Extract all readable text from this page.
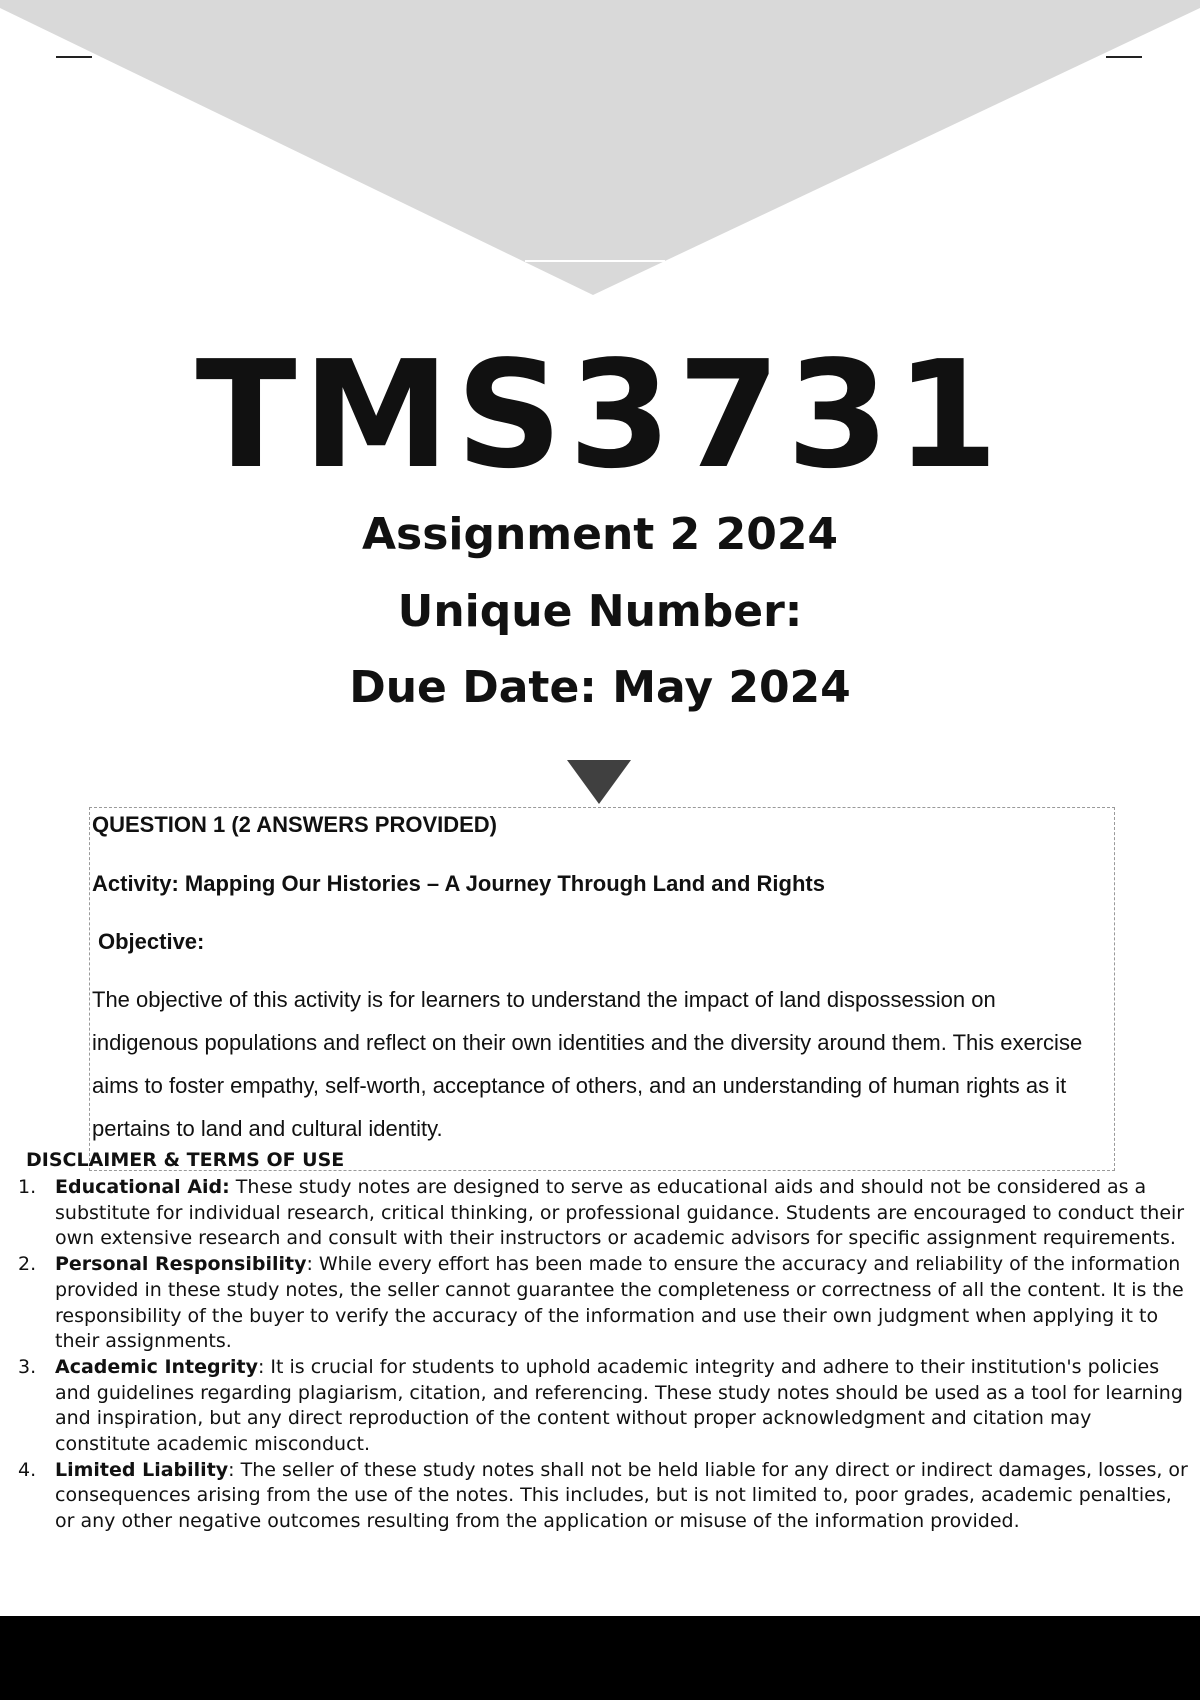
TMS3731
Assignment 2 2024
Unique Number:
Due Date: May 2024

QUESTION 1 (2 ANSWERS PROVIDED)

Activity: Mapping Our Histories – A Journey Through Land and Rights

Objective:

The objective of this activity is for learners to understand the impact of land dispossession on indigenous populations and reflect on their own identities and the diversity around them. This exercise aims to foster empathy, self-worth, acceptance of others, and an understanding of human rights as it pertains to land and cultural identity.

DISCLAIMER & TERMS OF USE

1. Educational Aid: These study notes are designed to serve as educational aids and should not be considered as a substitute for individual research, critical thinking, or professional guidance. Students are encouraged to conduct their own extensive research and consult with their instructors or academic advisors for specific assignment requirements.
2. Personal Responsibility: While every effort has been made to ensure the accuracy and reliability of the information provided in these study notes, the seller cannot guarantee the completeness or correctness of all the content. It is the responsibility of the buyer to verify the accuracy of the information and use their own judgment when applying it to their assignments.
3. Academic Integrity: It is crucial for students to uphold academic integrity and adhere to their institution's policies and guidelines regarding plagiarism, citation, and referencing. These study notes should be used as a tool for learning and inspiration, but any direct reproduction of the content without proper acknowledgment and citation may constitute academic misconduct.
4. Limited Liability: The seller of these study notes shall not be held liable for any direct or indirect damages, losses, or consequences arising from the use of the notes. This includes, but is not limited to, poor grades, academic penalties, or any other negative outcomes resulting from the application or misuse of the information provided.
